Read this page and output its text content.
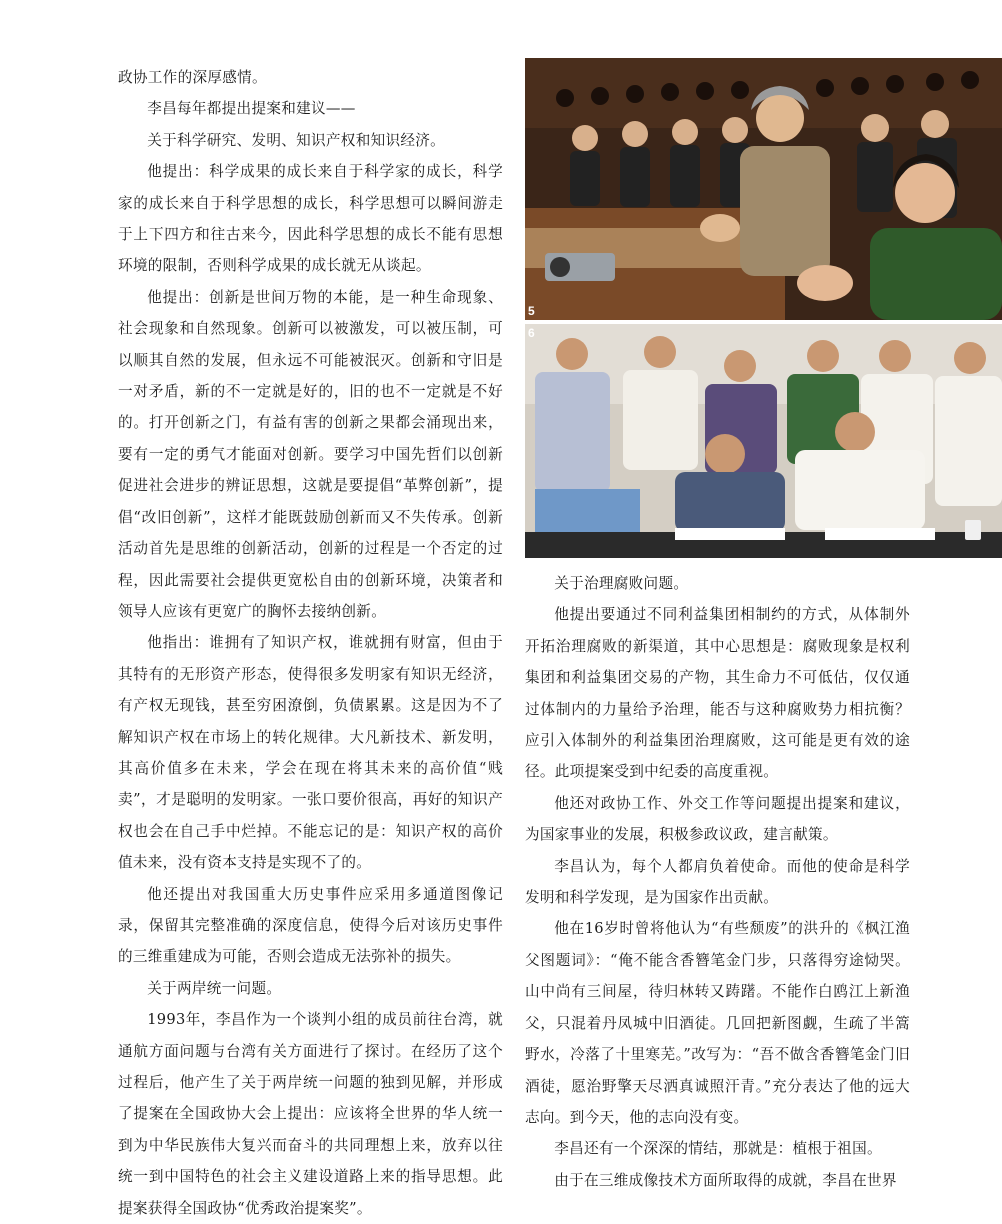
政协工作的深厚感情。

李昌每年都提出提案和建议——

关于科学研究、发明、知识产权和知识经济。

他提出：科学成果的成长来自于科学家的成长，科学家的成长来自于科学思想的成长，科学思想可以瞬间游走于上下四方和往古来今，因此科学思想的成长不能有思想环境的限制，否则科学成果的成长就无从谈起。

他提出：创新是世间万物的本能，是一种生命现象、社会现象和自然现象。创新可以被激发，可以被压制，可以顺其自然的发展，但永远不可能被泯灭。创新和守旧是一对矛盾，新的不一定就是好的，旧的也不一定就是不好的。打开创新之门，有益有害的创新之果都会涌现出来，要有一定的勇气才能面对创新。要学习中国先哲们以创新促进社会进步的辨证思想，这就是要提倡“革弊创新”，提倡“改旧创新”，这样才能既鼓励创新而又不失传承。创新活动首先是思维的创新活动，创新的过程是一个否定的过程，因此需要社会提供更宽松自由的创新环境，决策者和领导人应该有更宽广的胸怀去接纳创新。

他指出：谁拥有了知识产权，谁就拥有财富，但由于其特有的无形资产形态，使得很多发明家有知识无经济，有产权无现钱，甚至穷困潦倒，负债累累。这是因为不了解知识产权在市场上的转化规律。大凡新技术、新发明，其高价值多在未来，学会在现在将其未来的高价值“贱卖”，才是聪明的发明家。一张口要价很高，再好的知识产权也会在自己手中烂掉。不能忘记的是：知识产权的高价值未来，没有资本支持是实现不了的。

他还提出对我国重大历史事件应采用多通道图像记录，保留其完整准确的深度信息，使得今后对该历史事件的三维重建成为可能，否则会造成无法弥补的损失。

关于两岸统一问题。

1993年，李昌作为一个谈判小组的成员前往台湾，就通航方面问题与台湾有关方面进行了探讨。在经历了这个过程后，他产生了关于两岸统一问题的独到见解，并形成了提案在全国政协大会上提出：应该将全世界的华人统一到为中华民族伟大复兴而奋斗的共同理想上来，放弃以往统一到中国特色的社会主义建设道路上来的指导思想。此提案获得全国政协“优秀政治提案奖”。

5
6

关于治理腐败问题。

他提出要通过不同利益集团相制约的方式，从体制外开拓治理腐败的新渠道，其中心思想是：腐败现象是权利集团和利益集团交易的产物，其生命力不可低估，仅仅通过体制内的力量给予治理，能否与这种腐败势力相抗衡？应引入体制外的利益集团治理腐败，这可能是更有效的途径。此项提案受到中纪委的高度重视。

他还对政协工作、外交工作等问题提出提案和建议，为国家事业的发展，积极参政议政，建言献策。

李昌认为，每个人都肩负着使命。而他的使命是科学发明和科学发现，是为国家作出贡献。

他在16岁时曾将他认为“有些颓废”的洪升的《枫江渔父图题词》：“俺不能含香簪笔金门步，只落得穷途恸哭。山中尚有三间屋，待归林转又踌躇。不能作白鸥江上新渔父，只混着丹凤城中旧酒徒。几回把新图觑，生疏了半篙野水，冷落了十里寒芜。”改写为：“吾不做含香簪笔金门旧酒徒，愿治野擎天尽洒真诚照汗青。”充分表达了他的远大志向。到今天，他的志向没有变。

李昌还有一个深深的情结，那就是：植根于祖国。

由于在三维成像技术方面所取得的成就，李昌在世界
